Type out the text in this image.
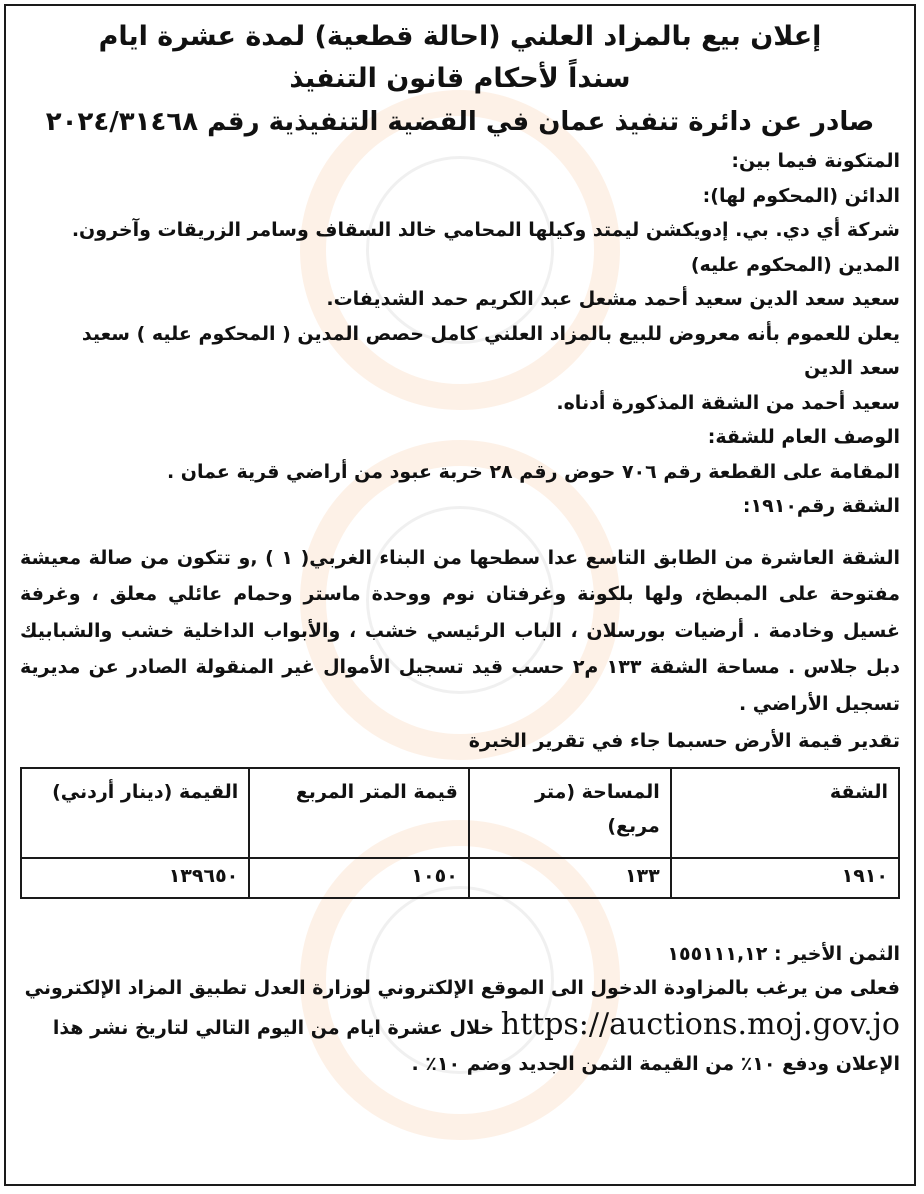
إعلان بيع بالمزاد العلني (احالة قطعية) لمدة عشرة ايام

سنداً لأحكام قانون التنفيذ

صادر عن دائرة تنفيذ عمان في القضية التنفيذية رقم ٢٠٢٤/٣١٤٦٨

المتكونة فيما بين:

الدائن (المحكوم لها):

شركة أي دي. بي. إدويكشن ليمتد وكيلها المحامي خالد السقاف وسامر الزريقات وآخرون.

المدين (المحكوم عليه)

سعيد سعد الدين سعيد أحمد مشعل عبد الكريم حمد الشديفات.

يعلن للعموم بأنه معروض للبيع بالمزاد العلني كامل حصص المدين ( المحكوم عليه ) سعيد

سعد الدين

سعيد أحمد من الشقة المذكورة أدناه.

الوصف العام للشقة:

المقامة على القطعة رقم ٧٠٦ حوض رقم ٢٨ خربة عبود من أراضي قرية عمان .

الشقة رقم١٩١٠:

الشقة العاشرة من الطابق التاسع عدا سطحها من البناء الغربي( ١ ) ,و تتكون من صالة معيشة مفتوحة على المبطخ، ولها بلكونة وغرفتان نوم ووحدة ماستر وحمام عائلي معلق ، وغرفة غسيل وخادمة . أرضيات بورسلان ، الباب الرئيسي خشب ، والأبواب الداخلية خشب والشبابيك دبل جلاس . مساحة الشقة ١٣٣ م٢ حسب قيد تسجيل الأموال غير المنقولة الصادر عن مديرية تسجيل الأراضي .

تقدير قيمة الأرض حسبما جاء في تقرير الخبرة

الشقة	المساحة (متر مربع)	قيمة المتر المربع	القيمة (دينار أردني)
١٩١٠	١٣٣	١٠٥٠	١٣٩٦٥٠

الثمن الأخير : ١٥٥١١١,١٢

فعلى من يرغب بالمزاودة الدخول الى الموقع الإلكتروني لوزارة العدل تطبيق المزاد الإلكتروني

https://auctions.moj.gov.jo خلال عشرة ايام من اليوم التالي لتاريخ نشر هذا

الإعلان ودفع ١٠٪ من القيمة الثمن الجديد وضم ١٠٪ .
